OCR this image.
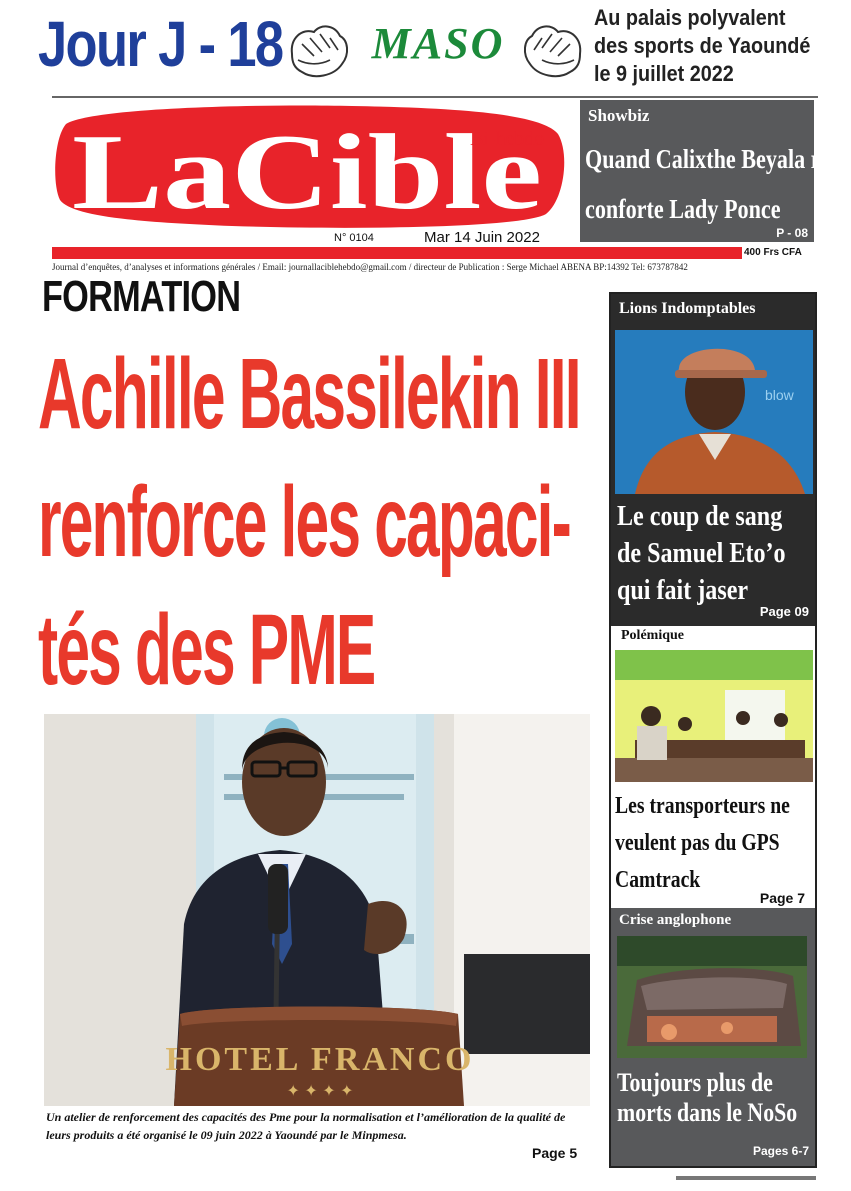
Jour J - 18	MASO
Au palais polyvalent
des sports de Yaoundé
le 9 juillet 2022
LaCible
Bi-hebdo
N° 0104	Mar 14 Juin 2022
400 Frs CFA
Journal d’enquêtes, d’analyses et informations générales / Email: journallaciblehebdo@gmail.com / directeur de Publication : Serge Michael ABENA BP:14392 Tel: 673787842
Showbiz
Quand Calixthe Beyala ré-
conforte Lady Ponce
P - 08
FORMATION
Achille Bassilekin III
renforce les capaci-
tés des PME
HOTEL FRANCO
✦ ✦ ✦ ✦
Un atelier de renforcement des capacités des Pme pour la normalisation et l’amélioration de la qualité de leurs produits a été organisé le 09 juin 2022 à Yaoundé par le Minpmesa.
Page 5
Lions Indomptables
blow
Le coup de sang
de Samuel Eto’o
qui fait jaser
Page 09
Polémique
Les transporteurs ne
veulent pas du GPS
Camtrack
Page 7
Crise anglophone
Toujours plus de
morts dans le NoSo
Pages 6-7
